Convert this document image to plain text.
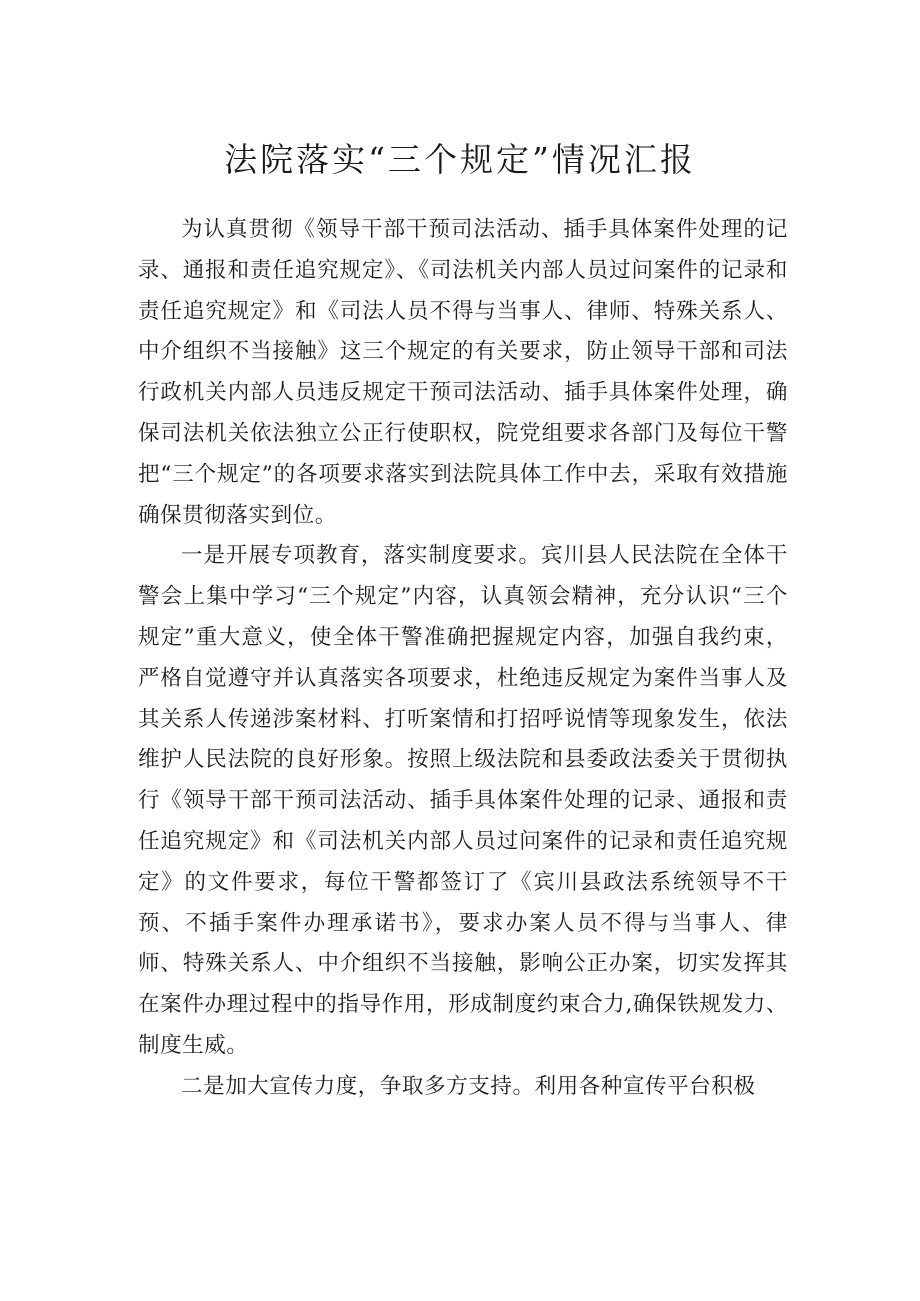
法院落实“三个规定”情况汇报

为认真贯彻《领导干部干预司法活动、插手具体案件处理的记录、通报和责任追究规定》、《司法机关内部人员过问案件的记录和责任追究规定》和《司法人员不得与当事人、律师、特殊关系人、中介组织不当接触》这三个规定的有关要求，防止领导干部和司法行政机关内部人员违反规定干预司法活动、插手具体案件处理，确保司法机关依法独立公正行使职权，院党组要求各部门及每位干警把“三个规定”的各项要求落实到法院具体工作中去，采取有效措施确保贯彻落实到位。

一是开展专项教育，落实制度要求。宾川县人民法院在全体干警会上集中学习“三个规定”内容，认真领会精神，充分认识“三个规定”重大意义，使全体干警准确把握规定内容，加强自我约束，严格自觉遵守并认真落实各项要求，杜绝违反规定为案件当事人及其关系人传递涉案材料、打听案情和打招呼说情等现象发生，依法维护人民法院的良好形象。按照上级法院和县委政法委关于贯彻执行《领导干部干预司法活动、插手具体案件处理的记录、通报和责任追究规定》和《司法机关内部人员过问案件的记录和责任追究规定》的文件要求，每位干警都签订了《宾川县政法系统领导不干预、不插手案件办理承诺书》，要求办案人员不得与当事人、律师、特殊关系人、中介组织不当接触，影响公正办案，切实发挥其在案件办理过程中的指导作用，形成制度约束合力,确保铁规发力、制度生威。

二是加大宣传力度，争取多方支持。利用各种宣传平台积极
